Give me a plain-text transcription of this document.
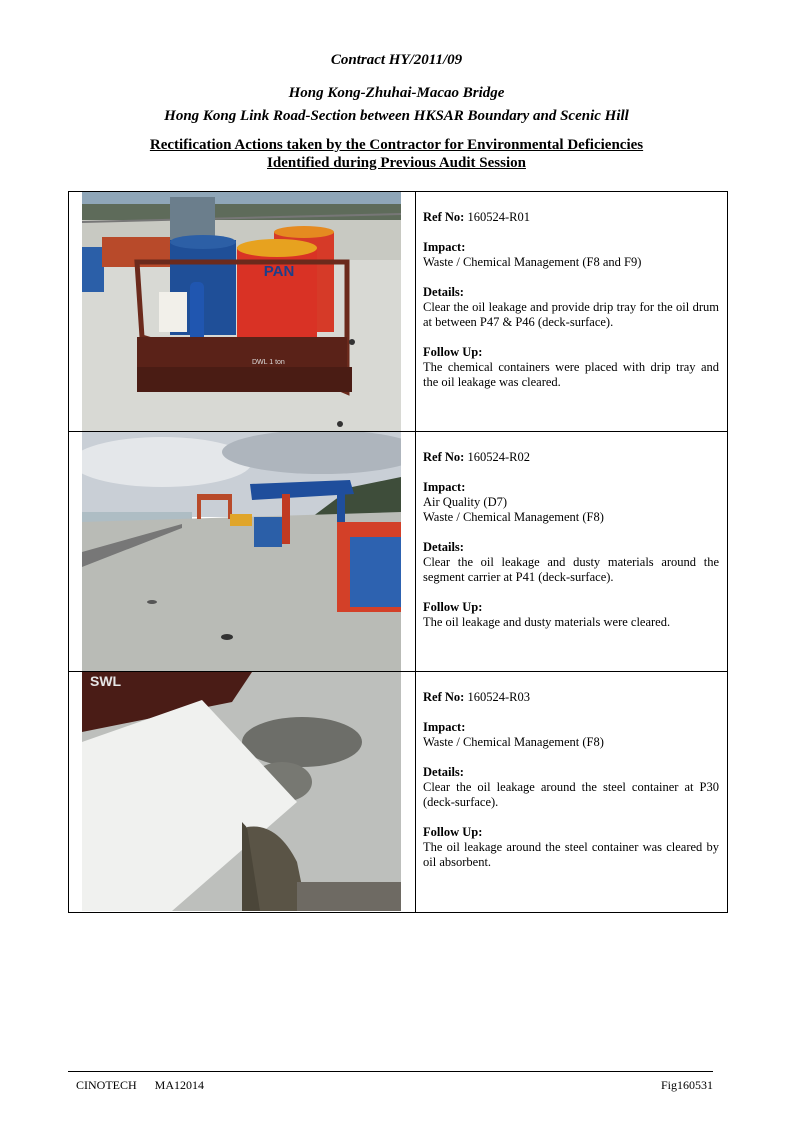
Contract HY/2011/09
Hong Kong-Zhuhai-Macao Bridge
Hong Kong Link Road-Section between HKSAR Boundary and Scenic Hill
Rectification Actions taken by the Contractor for Environmental Deficiencies
Identified during Previous Audit Session
PAN
DWL 1 ton
Ref No: 160524-R01
Impact:
Waste / Chemical Management (F8 and F9)
Details:
Clear the oil leakage and provide drip tray for the oil drum at between P47 & P46 (deck-surface).
Follow Up:
The chemical containers were placed with drip tray and the oil leakage was cleared.
Ref No: 160524-R02
Impact:
Air Quality (D7)
Waste / Chemical Management (F8)
Details:
Clear the oil leakage and dusty materials around the segment carrier at P41 (deck-surface).
Follow Up:
The oil leakage and dusty materials were cleared.
SWL
Ref No: 160524-R03
Impact:
Waste / Chemical Management (F8)
Details:
Clear the oil leakage around the steel container at P30 (deck-surface).
Follow Up:
The oil leakage around the steel container was cleared by oil absorbent.
CINOTECH MA12014	Fig160531
